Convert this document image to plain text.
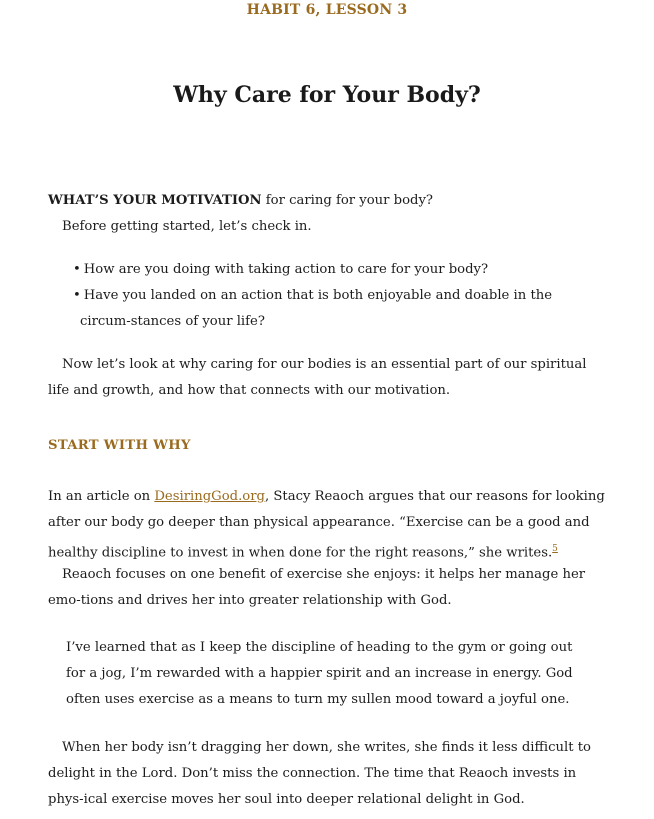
HABIT 6, LESSON 3
Why Care for Your Body?

WHAT’S YOUR MOTIVATION for caring for your body?

Before getting started, let’s check in.

• How are you doing with taking action to care for your body?
• Have you landed on an action that is both enjoyable and doable in the circum-stances of your life?

Now let’s look at why caring for our bodies is an essential part of our spiritual life and growth, and how that connects with our motivation.

START WITH WHY

In an article on DesiringGod.org, Stacy Reaoch argues that our reasons for looking after our body go deeper than physical appearance. “Exercise can be a good and healthy discipline to invest in when done for the right reasons,” she writes.$^5$

Reaoch focuses on one benefit of exercise she enjoys: it helps her manage her emo-tions and drives her into greater relationship with God.

I’ve learned that as I keep the discipline of heading to the gym or going out for a jog, I’m rewarded with a happier spirit and an increase in energy. God often uses exercise as a means to turn my sullen mood toward a joyful one.

When her body isn’t dragging her down, she writes, she finds it less difficult to delight in the Lord. Don’t miss the connection. The time that Reaoch invests in phys-ical exercise moves her soul into deeper relational delight in God.
